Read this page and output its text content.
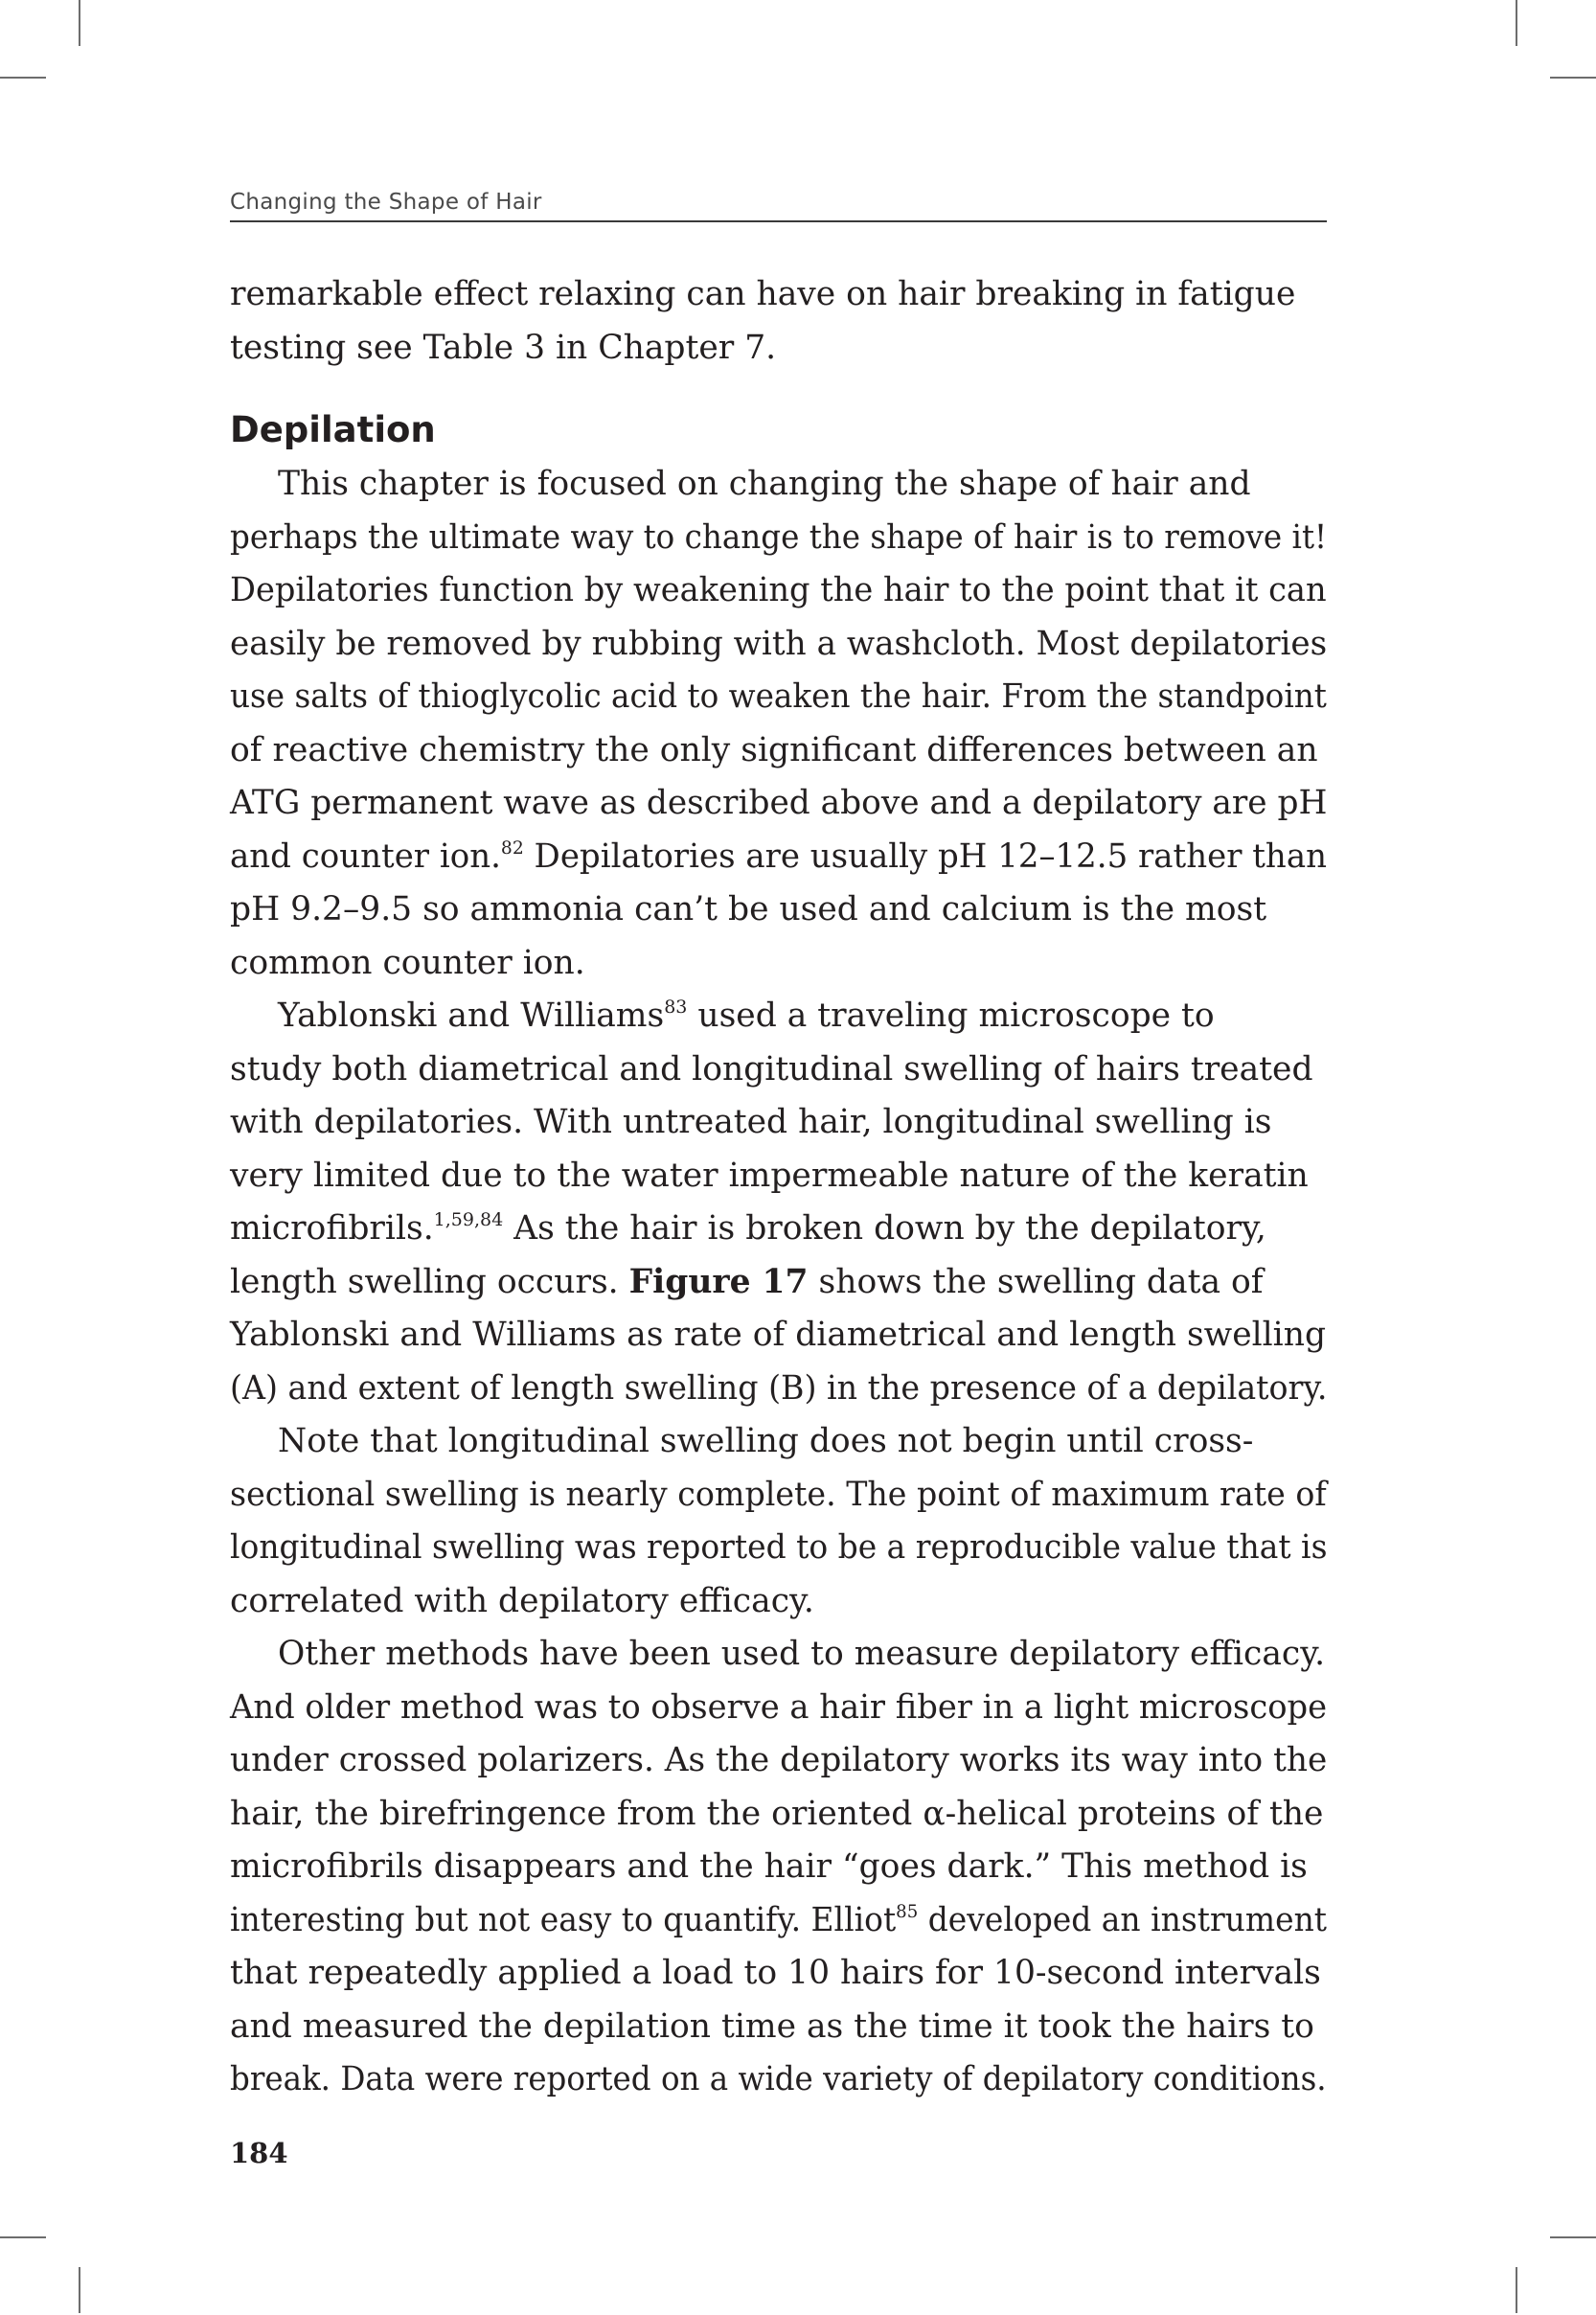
Changing the Shape of Hair

remarkable effect relaxing can have on hair breaking in fatigue
testing see Table 3 in Chapter 7.

Depilation

This chapter is focused on changing the shape of hair and
perhaps the ultimate way to change the shape of hair is to remove it!
Depilatories function by weakening the hair to the point that it can
easily be removed by rubbing with a washcloth. Most depilatories
use salts of thioglycolic acid to weaken the hair. From the standpoint
of reactive chemistry the only significant differences between an
ATG permanent wave as described above and a depilatory are pH
and counter ion.$^{82}$ Depilatories are usually pH 12–12.5 rather than
pH 9.2–9.5 so ammonia can’t be used and calcium is the most
common counter ion.

Yablonski and Williams$^{83}$ used a traveling microscope to
study both diametrical and longitudinal swelling of hairs treated
with depilatories. With untreated hair, longitudinal swelling is
very limited due to the water impermeable nature of the keratin
microfibrils.$^{1,59,84}$ As the hair is broken down by the depilatory,
length swelling occurs. Figure 17 shows the swelling data of
Yablonski and Williams as rate of diametrical and length swelling
(A) and extent of length swelling (B) in the presence of a depilatory.

Note that longitudinal swelling does not begin until cross-
sectional swelling is nearly complete. The point of maximum rate of
longitudinal swelling was reported to be a reproducible value that is
correlated with depilatory efficacy.

Other methods have been used to measure depilatory efficacy.
And older method was to observe a hair fiber in a light microscope
under crossed polarizers. As the depilatory works its way into the
hair, the birefringence from the oriented α-helical proteins of the
microfibrils disappears and the hair “goes dark.” This method is
interesting but not easy to quantify. Elliot$^{85}$ developed an instrument
that repeatedly applied a load to 10 hairs for 10-second intervals
and measured the depilation time as the time it took the hairs to
break. Data were reported on a wide variety of depilatory conditions.

184
